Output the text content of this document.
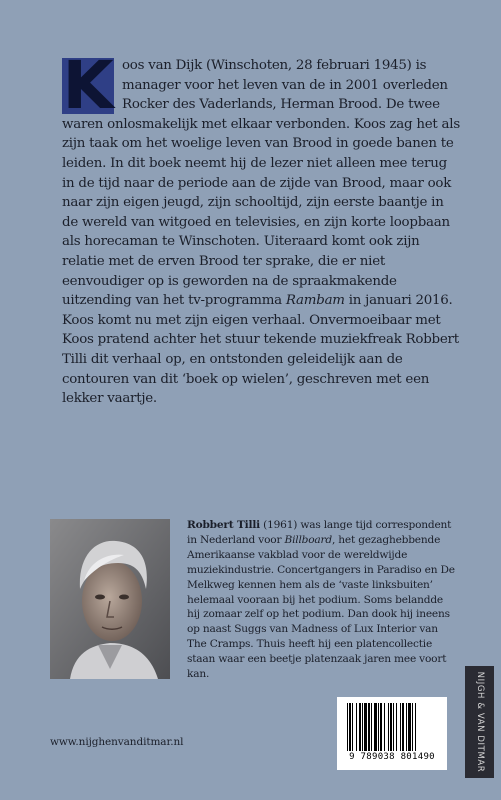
K oos van Dijk (Winschoten, 28 februari 1945) is manager voor het leven van de in 2001 overleden Rocker des Vaderlands, Herman Brood. De twee waren onlosmakelijk met elkaar verbonden. Koos zag het als zijn taak om het woelige leven van Brood in goede banen te leiden. In dit boek neemt hij de lezer niet alleen mee terug in de tijd naar de periode aan de zijde van Brood, maar ook naar zijn eigen jeugd, zijn schooltijd, zijn eerste baantje in de wereld van witgoed en televisies, en zijn korte loopbaan als horecaman te Winschoten. Uiteraard komt ook zijn relatie met de erven Brood ter sprake, die er niet eenvoudiger op is geworden na de spraakmakende uitzending van het tv-programma Rambam in januari 2016. Koos komt nu met zijn eigen verhaal. Onvermoeibaar met Koos pratend achter het stuur tekende muziekfreak Robbert Tilli dit verhaal op, en ontstonden geleidelijk aan de contouren van dit ‘boek op wielen’, geschreven met een lekker vaartje.
Robbert Tilli (1961) was lange tijd correspondent in Nederland voor Billboard, het gezaghebbende Amerikaanse vakblad voor de wereldwijde muziekindustrie. Concertgangers in Paradiso en De Melkweg kennen hem als de ‘vaste linksbuiten’ helemaal vooraan bij het podium. Soms belandde hij zomaar zelf op het podium. Dan dook hij ineens op naast Suggs van Madness of Lux Interior van The Cramps. Thuis heeft hij een platencollectie staan waar een beetje platenzaak jaren mee voort kan.
www.nijghenvanditmar.nl
9 789038 801490	NIJGH & VAN DITMAR
